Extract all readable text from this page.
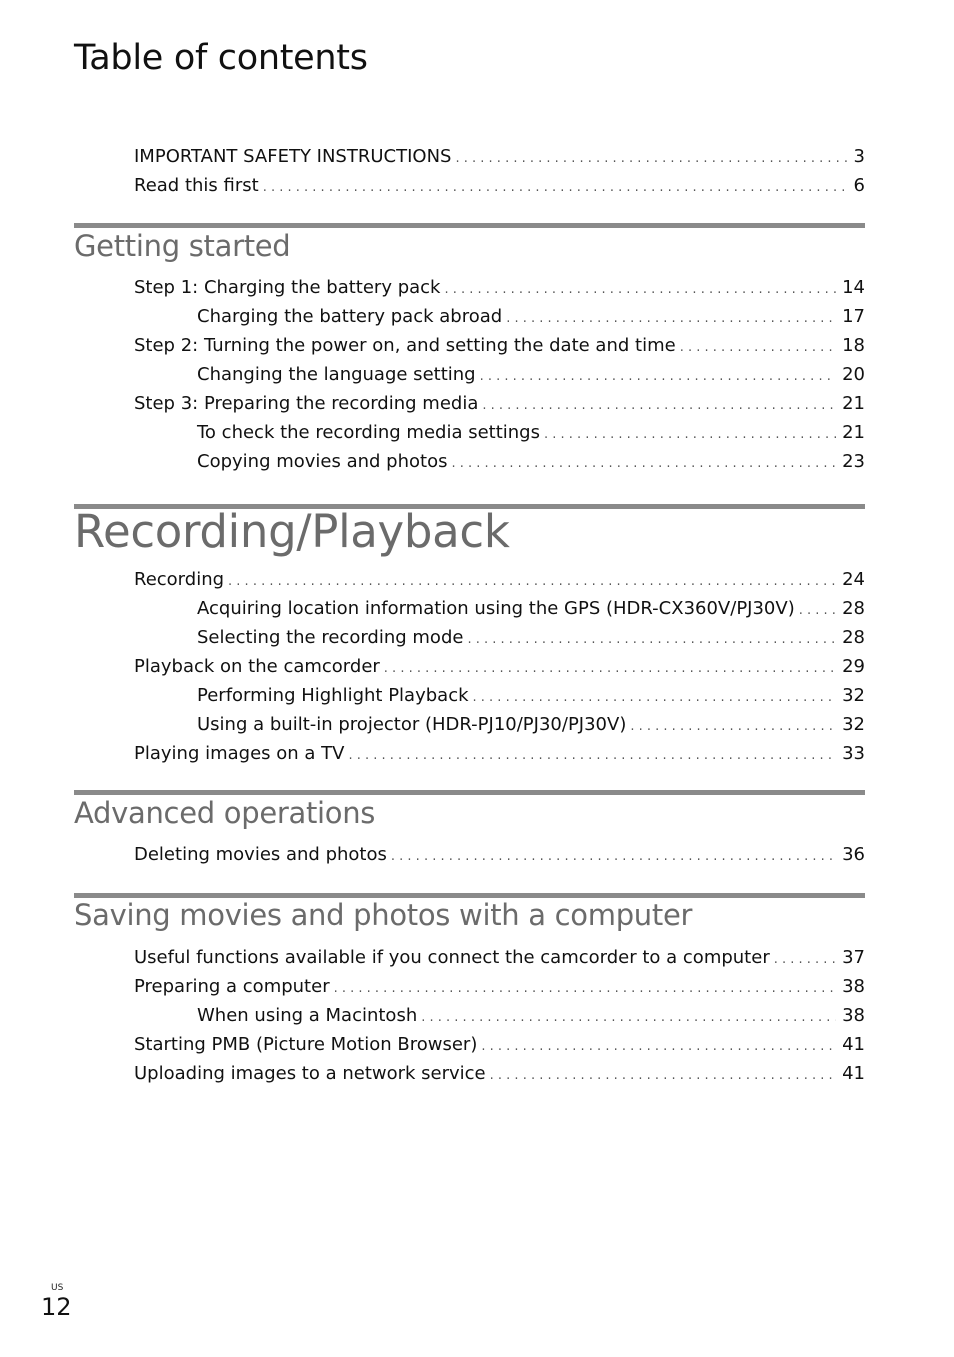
Table of contents
IMPORTANT SAFETY INSTRUCTIONS . . .	3
Read this first . . .	6
Getting started
Step 1: Charging the battery pack . . .	14
Charging the battery pack abroad . . .	17
Step 2: Turning the power on, and setting the date and time . . .	18
Changing the language setting . . .	20
Step 3: Preparing the recording media . . .	21
To check the recording media settings . . .	21
Copying movies and photos . . .	23
Recording/Playback
Recording . . .	24
Acquiring location information using the GPS (HDR-CX360V/PJ30V) . . .	28
Selecting the recording mode . . .	28
Playback on the camcorder . . .	29
Performing Highlight Playback . . .	32
Using a built-in projector (HDR-PJ10/PJ30/PJ30V) . . .	32
Playing images on a TV . . .	33
Advanced operations
Deleting movies and photos . . .	36
Saving movies and photos with a computer
Useful functions available if you connect the camcorder to a computer . . .	37
Preparing a computer . . .	38
When using a Macintosh . . .	38
Starting PMB (Picture Motion Browser) . . .	41
Uploading images to a network service . . .	41
US
12
